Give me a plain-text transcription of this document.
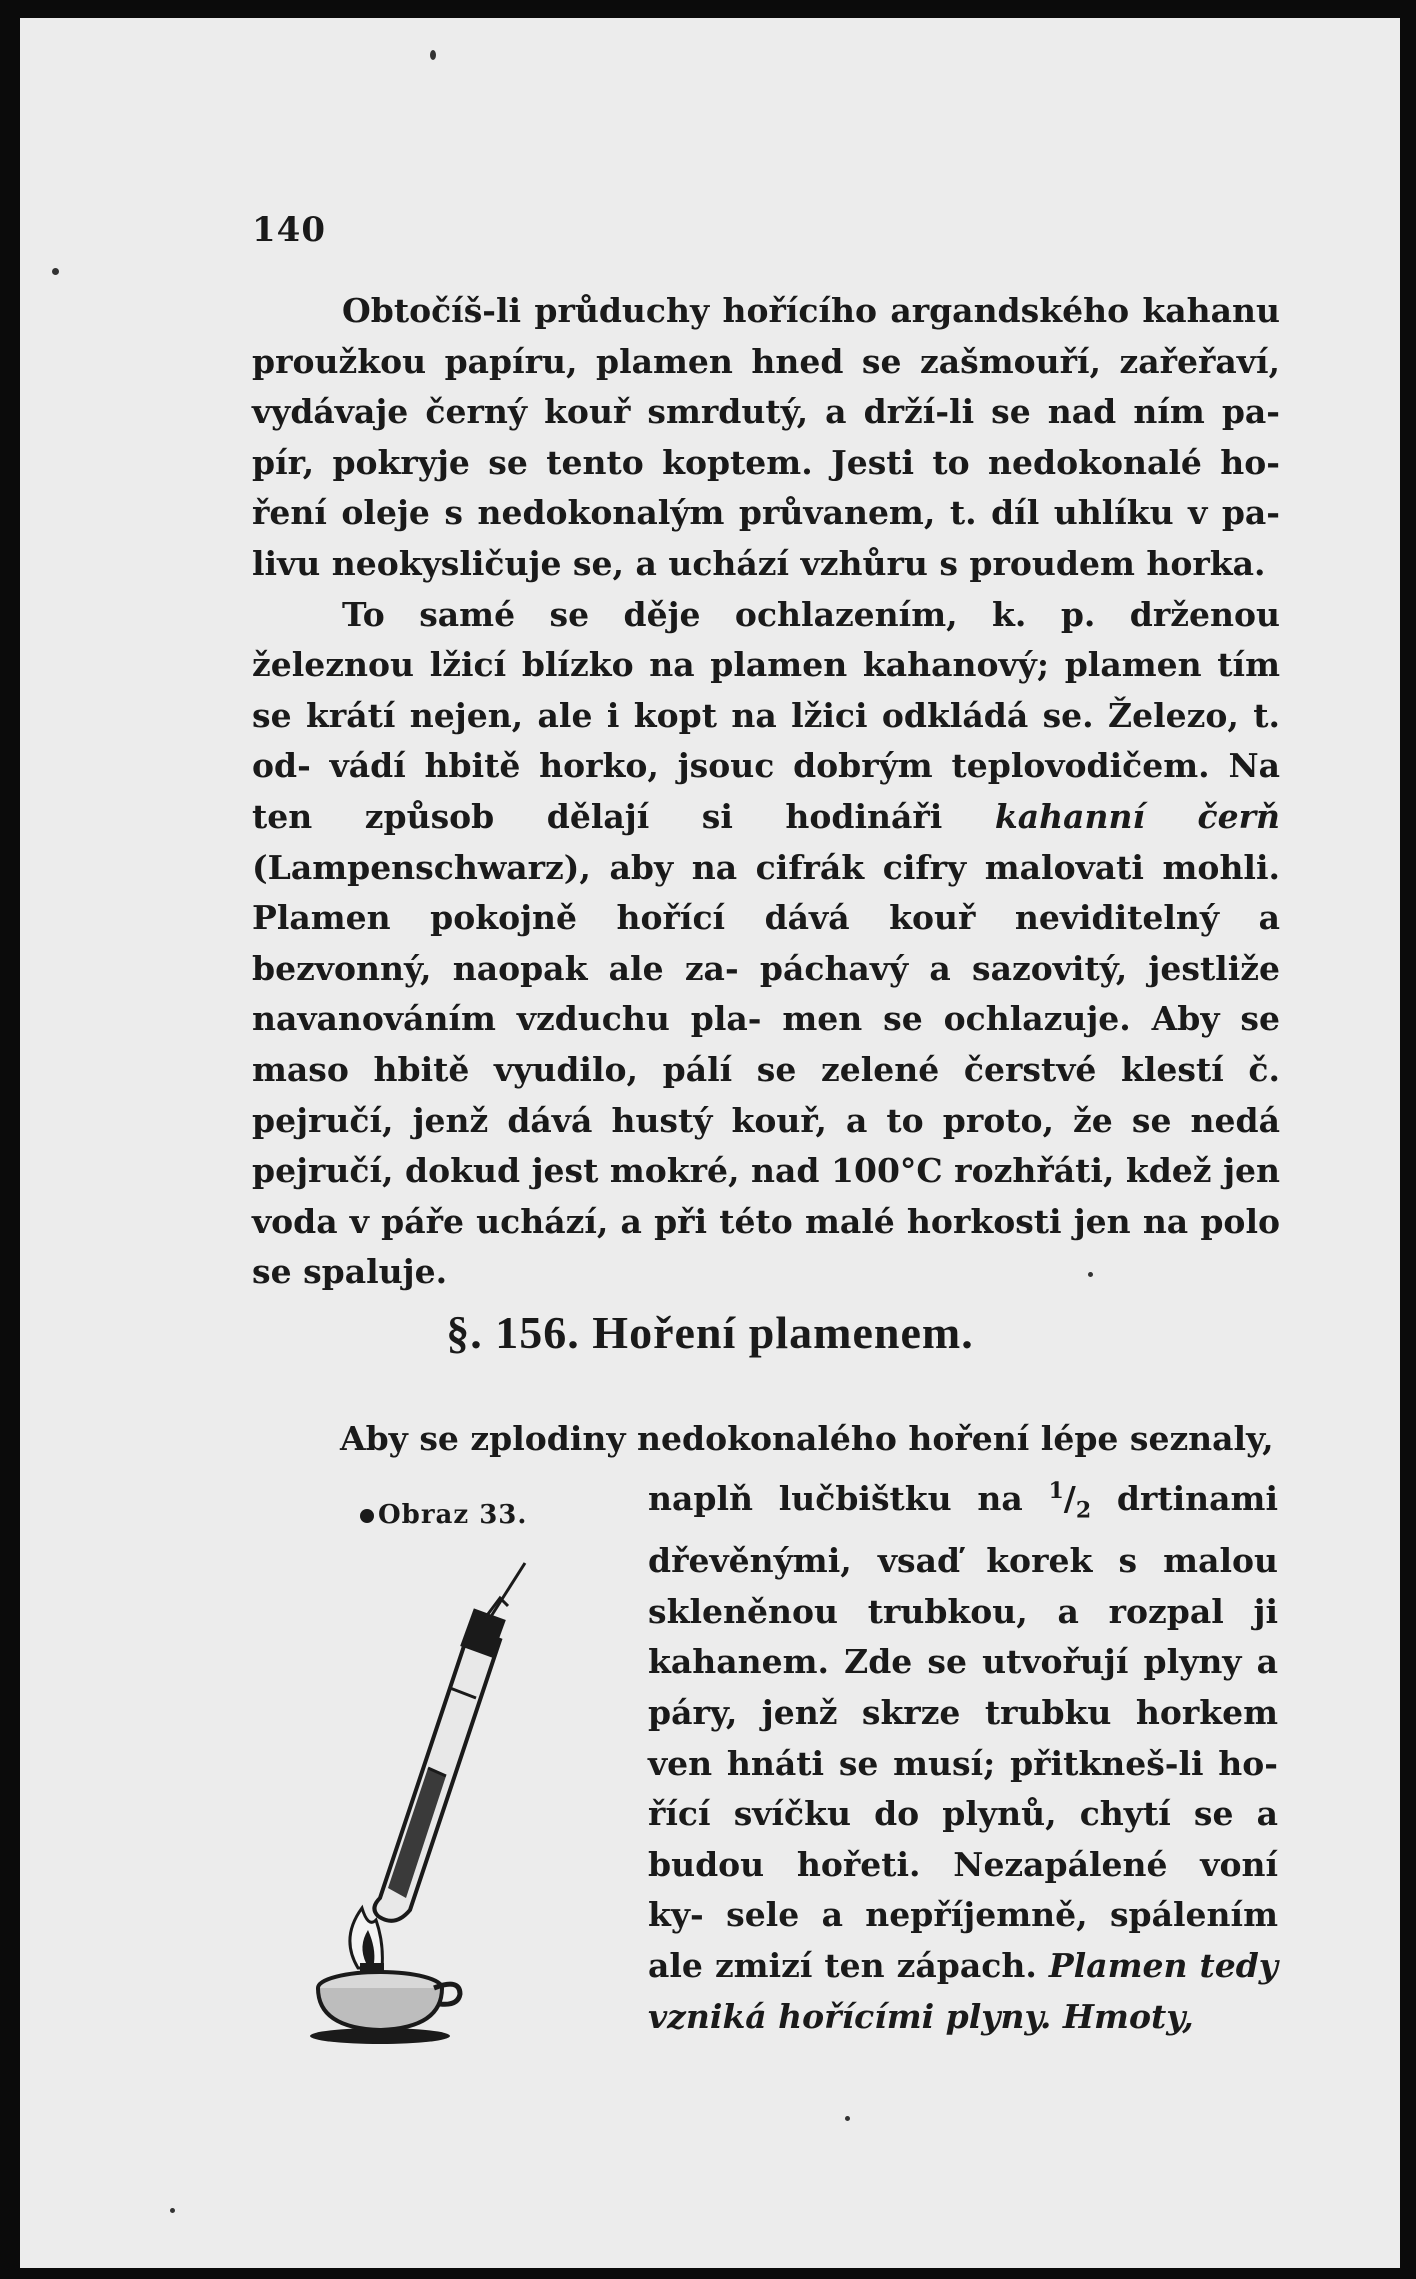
140

Obtočíš-li průduchy hořícího argandského kahanu proužkou papíru, plamen hned se zašmouří, zařeřaví, vydávaje černý kouř smrdutý, a drží-li se nad ním pa- pír, pokryje se tento koptem. Jesti to nedokonalé ho- ření oleje s nedokonalým průvanem, t. díl uhlíku v pa- livu neokysličuje se, a uchází vzhůru s proudem horka.
To samé se děje ochlazením, k. p. drženou železnou lžicí blízko na plamen kahanový; plamen tím se krátí nejen, ale i kopt na lžici odkládá se. Železo, t. od- vádí hbitě horko, jsouc dobrým teplovodičem. Na ten způsob dělají si hodináři kahanní čerň (Lampenschwarz), aby na cifrák cifry malovati mohli. Plamen pokojně hořící dává kouř neviditelný a bezvonný, naopak ale za- páchavý a sazovitý, jestliže navanováním vzduchu pla- men se ochlazuje. Aby se maso hbitě vyudilo, pálí se zelené čerstvé klestí č. pejručí, jenž dává hustý kouř, a to proto, že se nedá pejručí, dokud jest mokré, nad 100°C rozhřáti, kdež jen voda v páře uchází, a při této malé horkosti jen na polo se spaluje.

§. 156. Hoření plamenem.

Aby se zplodiny nedokonalého hoření lépe seznaly,

Obraz 33.	naplň lučbištku na $^1/_2$ drtinami dřevěnými, vsaď korek s malou skleněnou trubkou, a rozpal ji kahanem. Zde se utvořují plyny a páry, jenž skrze trubku horkem ven hnáti se musí; přitkneš-li ho- řící svíčku do plynů, chytí se a budou hořeti. Nezapálené voní ky- sele a nepříjemně, spálením ale zmizí ten zápach. Plamen tedy vzniká hořícími plyny. Hmoty,
